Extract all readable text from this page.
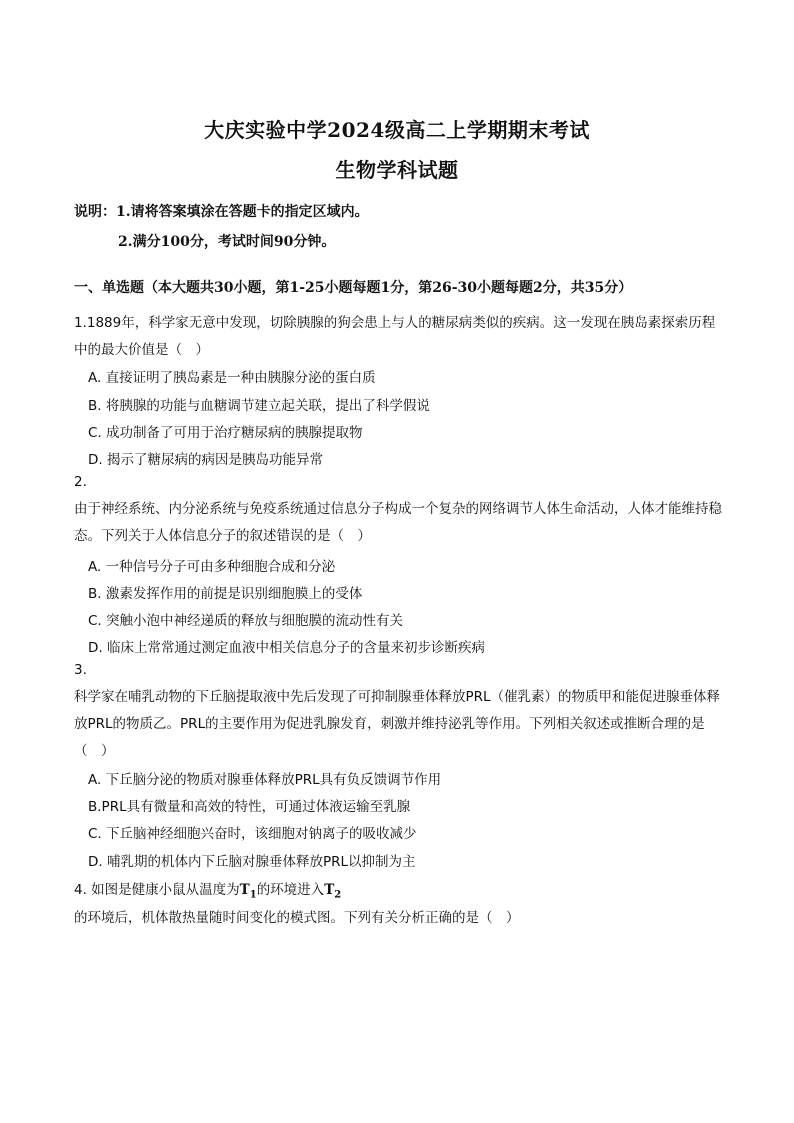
大庆实验中学2024级高二上学期期末考试
生物学科试题
说明：1.请将答案填涂在答题卡的指定区域内。
2.满分100分，考试时间90分钟。
一、单选题（本大题共30小题，第1-25小题每题1分，第26-30小题每题2分，共35分）
1.1889年，科学家无意中发现，切除胰腺的狗会患上与人的糖尿病类似的疾病。这一发现在胰岛素探索历程中的最大价值是（　）
A. 直接证明了胰岛素是一种由胰腺分泌的蛋白质
B. 将胰腺的功能与血糖调节建立起关联，提出了科学假说
C. 成功制备了可用于治疗糖尿病的胰腺提取物
D. 揭示了糖尿病的病因是胰岛功能异常
2.
由于神经系统、内分泌系统与免疫系统通过信息分子构成一个复杂的网络调节人体生命活动，人体才能维持稳态。下列关于人体信息分子的叙述错误的是（　）
A. 一种信号分子可由多种细胞合成和分泌
B. 激素发挥作用的前提是识别细胞膜上的受体
C. 突触小泡中神经递质的释放与细胞膜的流动性有关
D. 临床上常常通过测定血液中相关信息分子的含量来初步诊断疾病
3.
科学家在哺乳动物的下丘脑提取液中先后发现了可抑制腺垂体释放PRL（催乳素）的物质甲和能促进腺垂体释放PRL的物质乙。PRL的主要作用为促进乳腺发育，刺激并维持泌乳等作用。下列相关叙述或推断合理的是（　）
A. 下丘脑分泌的物质对腺垂体释放PRL具有负反馈调节作用
B.PRL具有微量和高效的特性，可通过体液运输至乳腺
C. 下丘脑神经细胞兴奋时，该细胞对钠离子的吸收减少
D. 哺乳期的机体内下丘脑对腺垂体释放PRL以抑制为主
4. 如图是健康小鼠从温度为$T_1$的环境进入$T_2$
的环境后，机体散热量随时间变化的模式图。下列有关分析正确的是（　）
